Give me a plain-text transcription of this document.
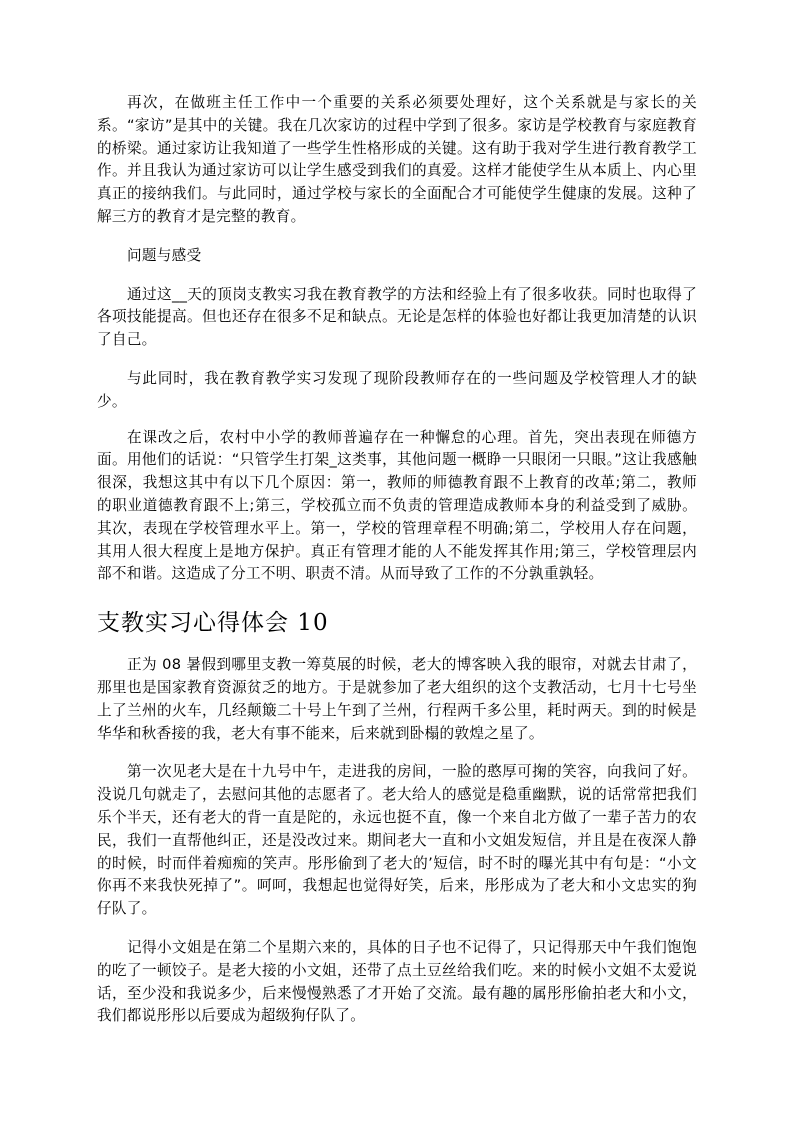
再次，在做班主任工作中一个重要的关系必须要处理好，这个关系就是与家长的关系。“家访”是其中的关键。我在几次家访的过程中学到了很多。家访是学校教育与家庭教育的桥梁。通过家访让我知道了一些学生性格形成的关键。这有助于我对学生进行教育教学工作。并且我认为通过家访可以让学生感受到我们的真爱。这样才能使学生从本质上、内心里真正的接纳我们。与此同时，通过学校与家长的全面配合才可能使学生健康的发展。这种了解三方的教育才是完整的教育。

问题与感受

通过这__天的顶岗支教实习我在教育教学的方法和经验上有了很多收获。同时也取得了各项技能提高。但也还存在很多不足和缺点。无论是怎样的体验也好都让我更加清楚的认识了自己。

与此同时，我在教育教学实习发现了现阶段教师存在的一些问题及学校管理人才的缺少。

在课改之后，农村中小学的教师普遍存在一种懈怠的心理。首先，突出表现在师德方面。用他们的话说：“只管学生打架_这类事，其他问题一概睁一只眼闭一只眼。”这让我感触很深，我想这其中有以下几个原因：第一，教师的师德教育跟不上教育的改革;第二，教师的职业道德教育跟不上;第三，学校孤立而不负责的管理造成教师本身的利益受到了威胁。其次，表现在学校管理水平上。第一，学校的管理章程不明确;第二，学校用人存在问题，其用人很大程度上是地方保护。真正有管理才能的人不能发挥其作用;第三，学校管理层内部不和谐。这造成了分工不明、职责不清。从而导致了工作的不分孰重孰轻。

支教实习心得体会 10

正为 08 暑假到哪里支教一筹莫展的时候，老大的博客映入我的眼帘，对就去甘肃了，那里也是国家教育资源贫乏的地方。于是就参加了老大组织的这个支教活动，七月十七号坐上了兰州的火车，几经颠簸二十号上午到了兰州，行程两千多公里，耗时两天。到的时候是华华和秋香接的我，老大有事不能来，后来就到卧榻的敦煌之星了。

第一次见老大是在十九号中午，走进我的房间，一脸的憨厚可掬的笑容，向我问了好。没说几句就走了，去慰问其他的志愿者了。老大给人的感觉是稳重幽默，说的话常常把我们乐个半天，还有老大的背一直是陀的，永远也挺不直，像一个来自北方做了一辈子苦力的农民，我们一直帮他纠正，还是没改过来。期间老大一直和小文姐发短信，并且是在夜深人静的时候，时而伴着痴痴的笑声。彤彤偷到了老大的’短信，时不时的曝光其中有句是：“小文你再不来我快死掉了”。呵呵，我想起也觉得好笑，后来，彤彤成为了老大和小文忠实的狗仔队了。

记得小文姐是在第二个星期六来的，具体的日子也不记得了，只记得那天中午我们饱饱的吃了一顿饺子。是老大接的小文姐，还带了点土豆丝给我们吃。来的时候小文姐不太爱说话，至少没和我说多少，后来慢慢熟悉了才开始了交流。最有趣的属彤彤偷拍老大和小文，我们都说彤彤以后要成为超级狗仔队了。
